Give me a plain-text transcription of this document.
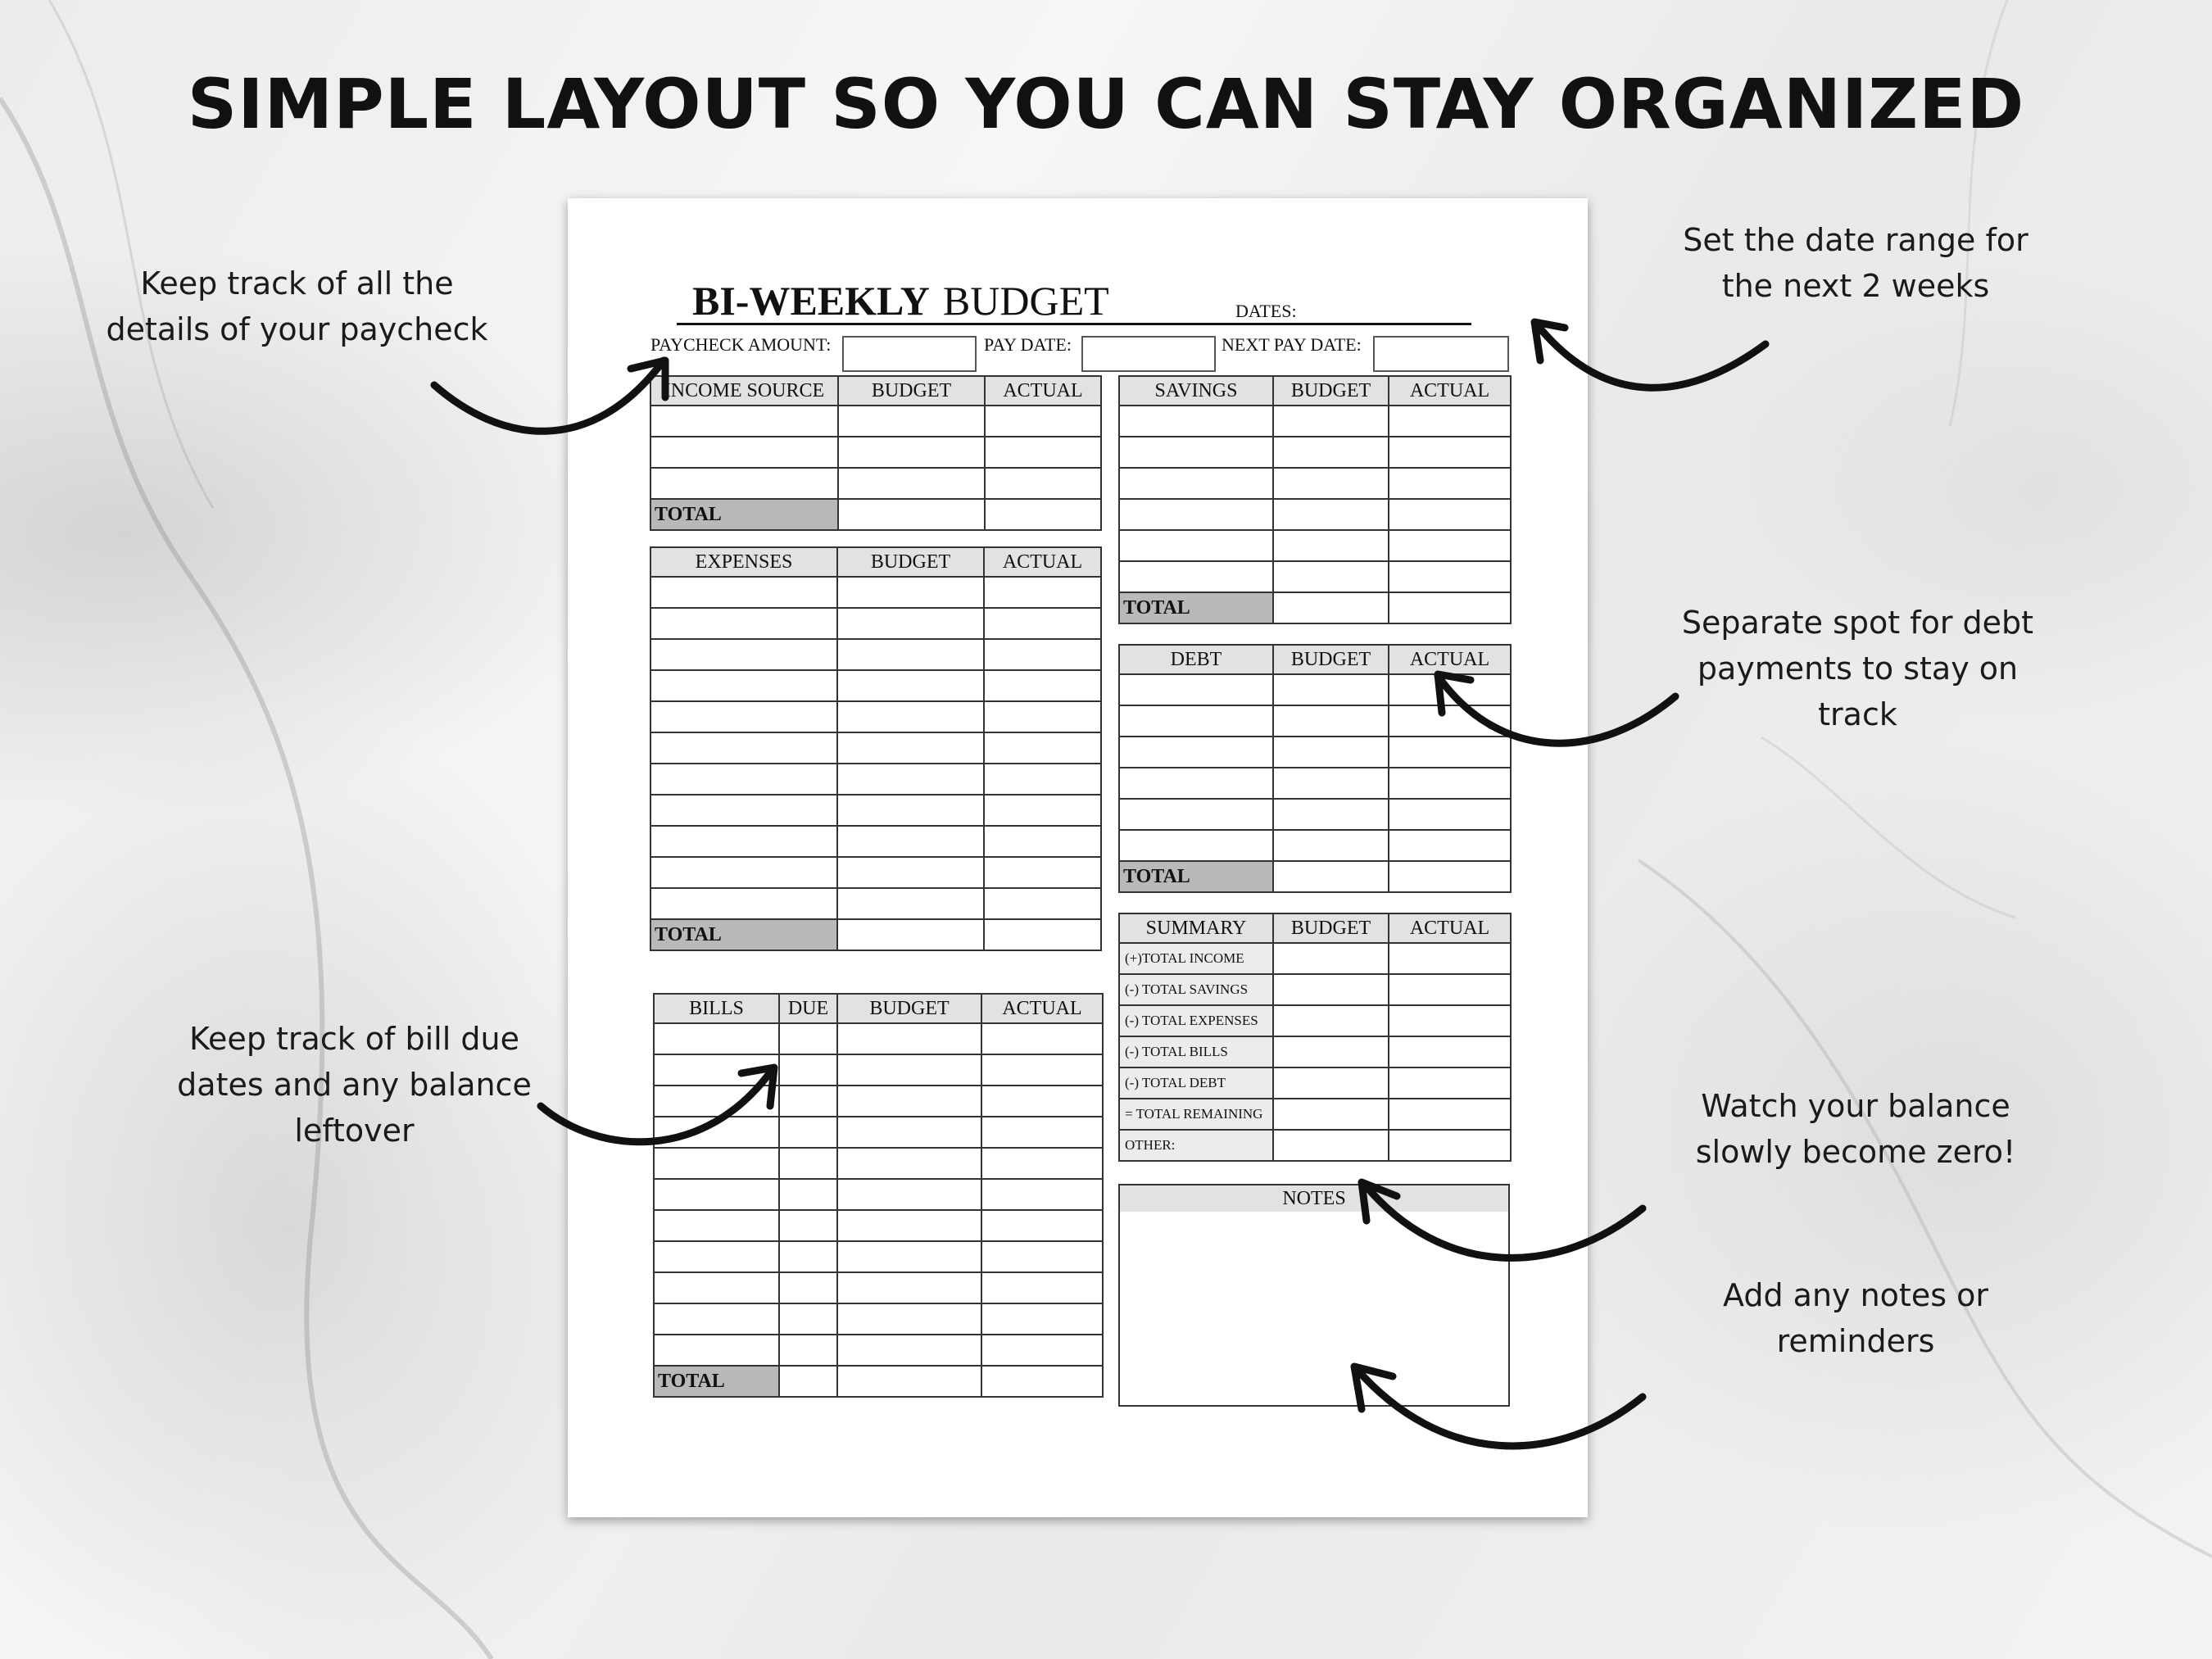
SIMPLE LAYOUT SO YOU CAN STAY ORGANIZED
Keep track of all the
details of your paycheck
Set the date range for
the next 2 weeks
Separate spot for debt
payments to stay on
track
Keep track of bill due
dates and any balance
leftover
Watch your balance
slowly become zero!
Add any notes or
reminders
BI-WEEKLY BUDGET	DATES:
PAYCHECK AMOUNT:	PAY DATE:	NEXT PAY DATE:
INCOME SOURCE	BUDGET	ACTUAL

TOTAL		
EXPENSES	BUDGET	ACTUAL

TOTAL		
BILLS	DUE	BUDGET	ACTUAL

TOTAL			
SAVINGS	BUDGET	ACTUAL

TOTAL		
DEBT	BUDGET	ACTUAL

TOTAL		
SUMMARY	BUDGET	ACTUAL
(+)TOTAL INCOME		
(-) TOTAL SAVINGS		
(-) TOTAL EXPENSES		
(-) TOTAL BILLS		
(-) TOTAL DEBT		
= TOTAL REMAINING		
OTHER:		
NOTES
